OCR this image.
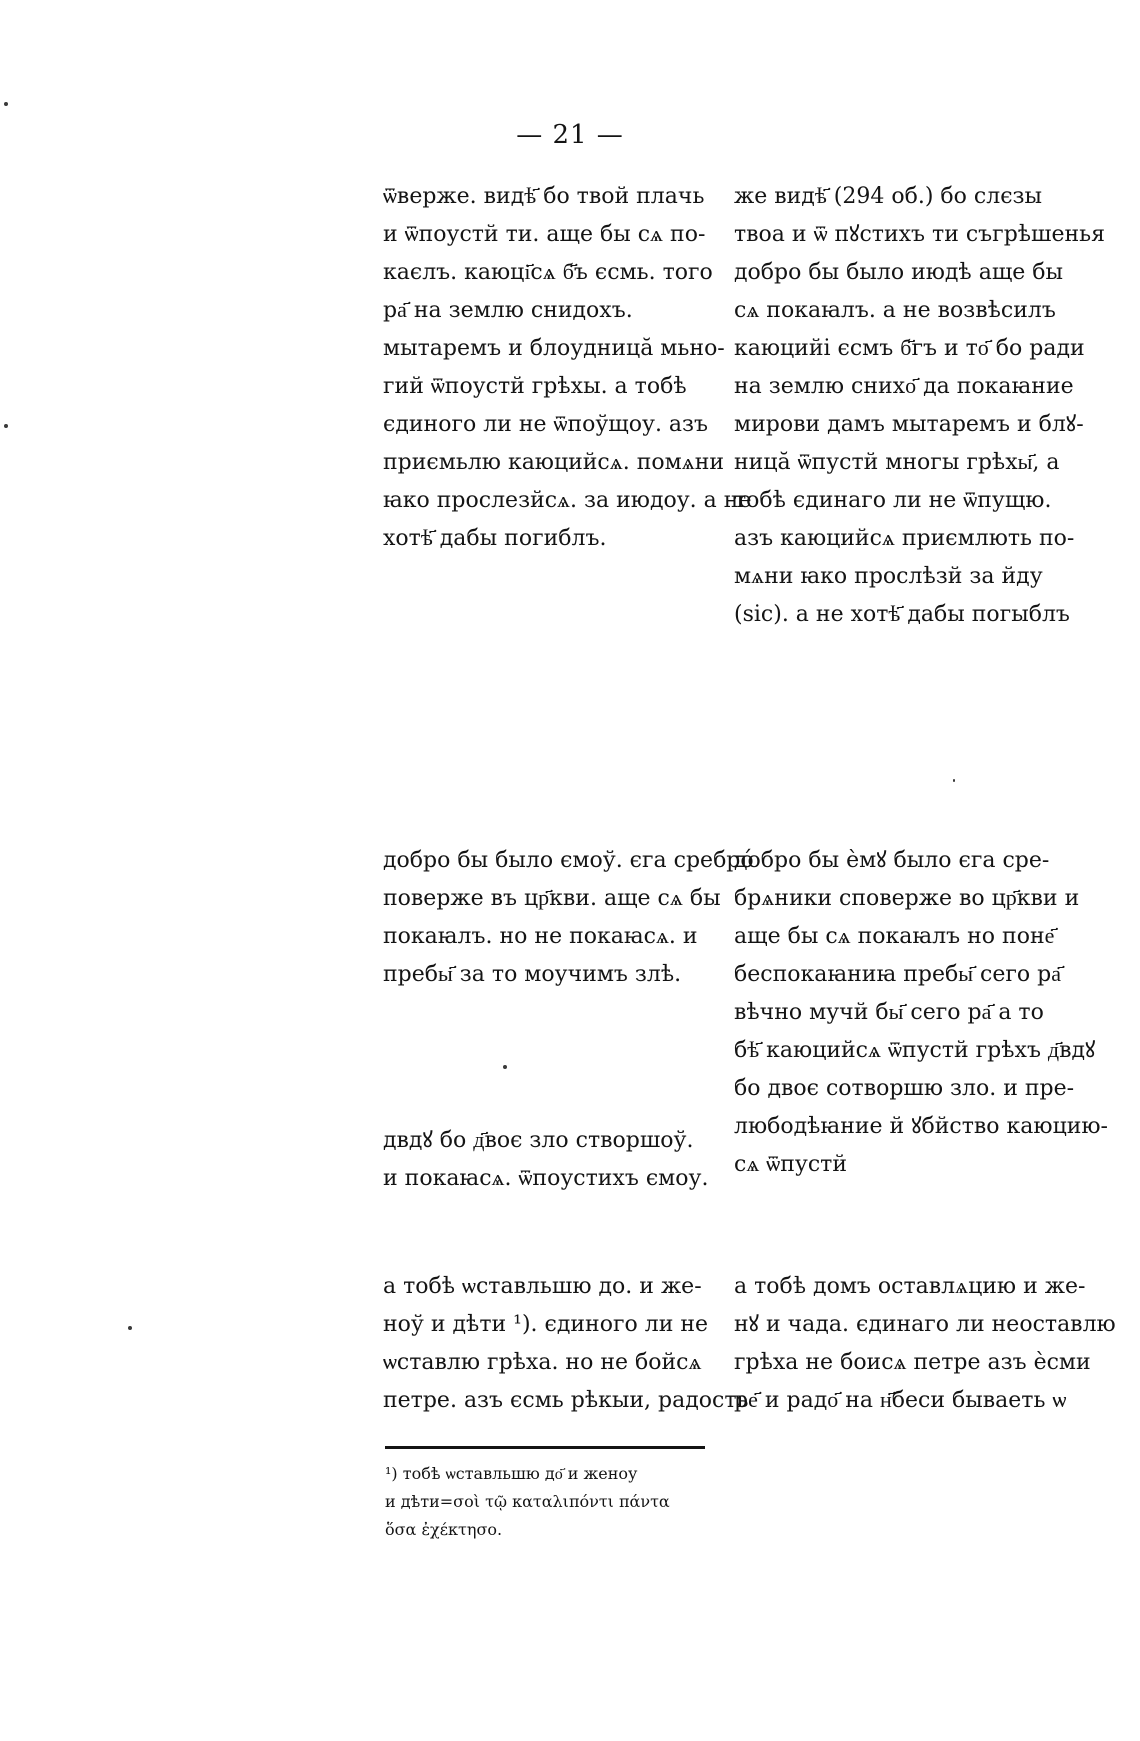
— 21 —
ѿверже. видѣ҃ бо твой плачь
и ѿпоустй ти. аще бы сѧ по-
каєлъ. каюці҃сѧ б҃ъ єсмь. того
ра҃ на землю снидохъ.
мытаремъ и блоудницӑ мьно-
гий ѿпоустй грѣхы. а тобѣ
єдиного ли не ѿпоўщоу. азъ
приємьлю каюцийсѧ. помѧни
ꙗко прослезйсѧ. за июдоу. а не
хотѣ҃ дабы погиблъ.
же видѣ҃ (294 об.) бо слєзы
твоа и ѿ пꙋстихъ ти съгрѣшенья
добро бы было июдѣ аще бы
сѧ покаꙗлъ. а не возвѣсилъ
каюцийi єсмъ б҃гъ и то҃ бо ради
на землю снихо҃ да покаꙗние
мирови дамъ мытаремъ и блꙋ-
ницӑ ѿпустй многы грѣхы҃, а
тобѣ єдинаго ли не ѿпущю.
азъ каюцийсѧ приємлють по-
мѧни ꙗко прослѣзй за йду
(sic). а не хотѣ҃ дабы погыблъ
добро бы было ємоў. єга сребро́
поверже въ цр҃кви. аще сѧ бы
покаꙗлъ. но не покаꙗсѧ. и
пребы҃ за то моучимъ злѣ.
добро бы ѐмꙋ было єга сре-
брѧники споверже во цр҃кви и
аще бы сѧ покаꙗлъ но поне҃
беспокаꙗниꙗ пребы҃ сего ра҃
вѣчно мучй бы҃ сего ра҃ а то
бѣ҃ каюцийсѧ ѿпустй грѣхъ д҃вдꙋ
бо двоє сотворшю зло. и пре-
любодѣꙗние й ꙋбйство каюцию-
сѧ ѿпустй
двдꙋ бо д҃воє зло створшоў.
и покаꙗсѧ. ѿпоустихъ ємоу.
а тобѣ ѡставльшю до. и же-
ноў и дѣти ¹). єдиного ли не
ѡставлю грѣха. но не бойсѧ
петре. азъ єсмь рѣкыи, радость
а тобѣ домъ оставлѧцию и же-
нꙋ и чада. єдинаго ли неоставлю
грѣха не боисѧ петре азъ ѐсми
ре҃ и радо҃ на н҃беси бываеть ѡ
¹) тобѣ ѡставльшю до҃ и женоу
и дѣти=σοὶ τῷ καταλιπόντι πάντα
ὅσα ἐχέκτησο.
